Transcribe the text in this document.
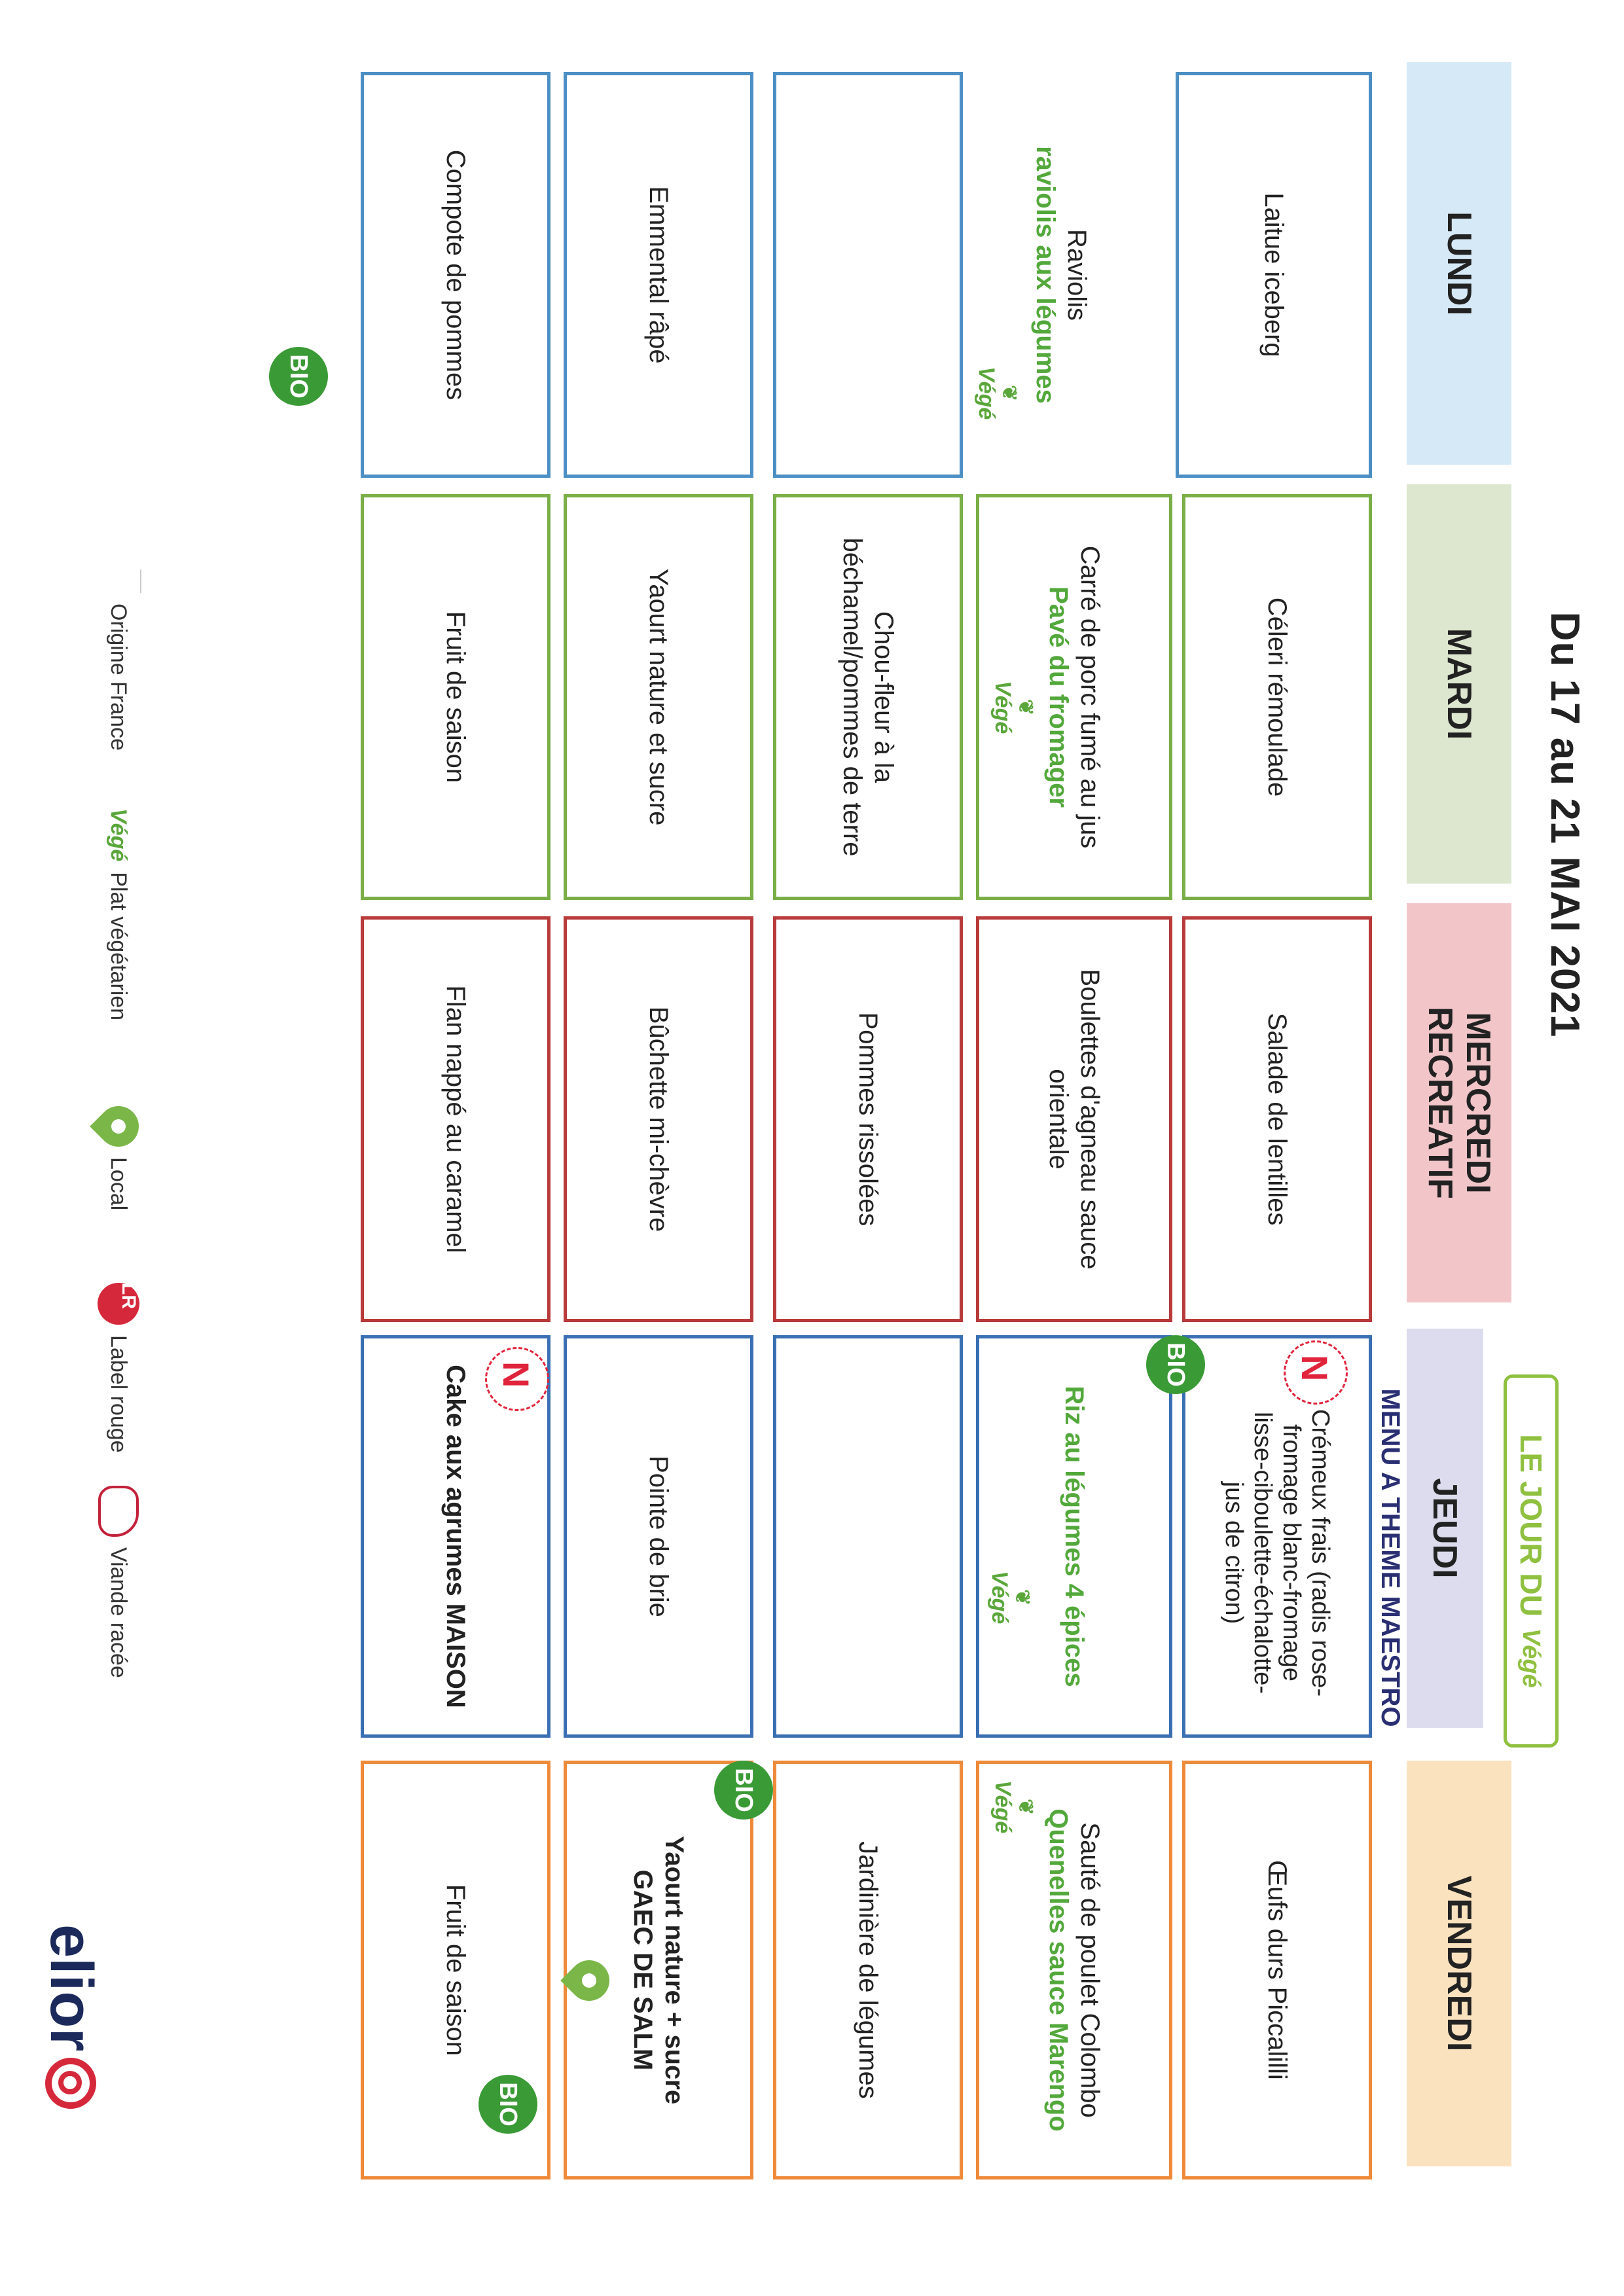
Du 17 au 21 MAI 2021
LUNDI
MARDI
MERCREDI
RECREATIF
JEUDI
VENDREDI
LE JOUR DU
Végé
MENU A THEME MAESTRO
Laitue iceberg
Raviolis
raviolis aux légumes
❦
Végé
Emmental râpé
Compote de pommes
BIO
Céleri rémoulade
Carré de porc fumé au jus
Pavé du fromager
❦
Végé
Chou-fleur à la béchamel/pommes de terre
Yaourt nature et sucre
Fruit de saison
Salade de lentilles
Boulettes d'agneau sauce orientale
Pommes rissolées
Bûchette mi-chèvre
Flan nappé au caramel
Crémeux frais (radis rose-fromage blanc-fromage lisse-ciboulette-échalotte-jus de citron)
N
Riz au légumes 4 épices
BIO
❦
Végé
Pointe de brie
Cake aux agrumes MAISON N
Œufs durs Piccalilli
Sauté de poulet Colombo
Quenelles sauce Marengo
❦
Végé
Jardinière de légumes
Yaourt nature + sucre
GAEC DE SALM
BIO
Fruit de saison
BIO
Origine France
Végé
Plat végétarien
Local
LR
Label rouge
Viande racée
elior
